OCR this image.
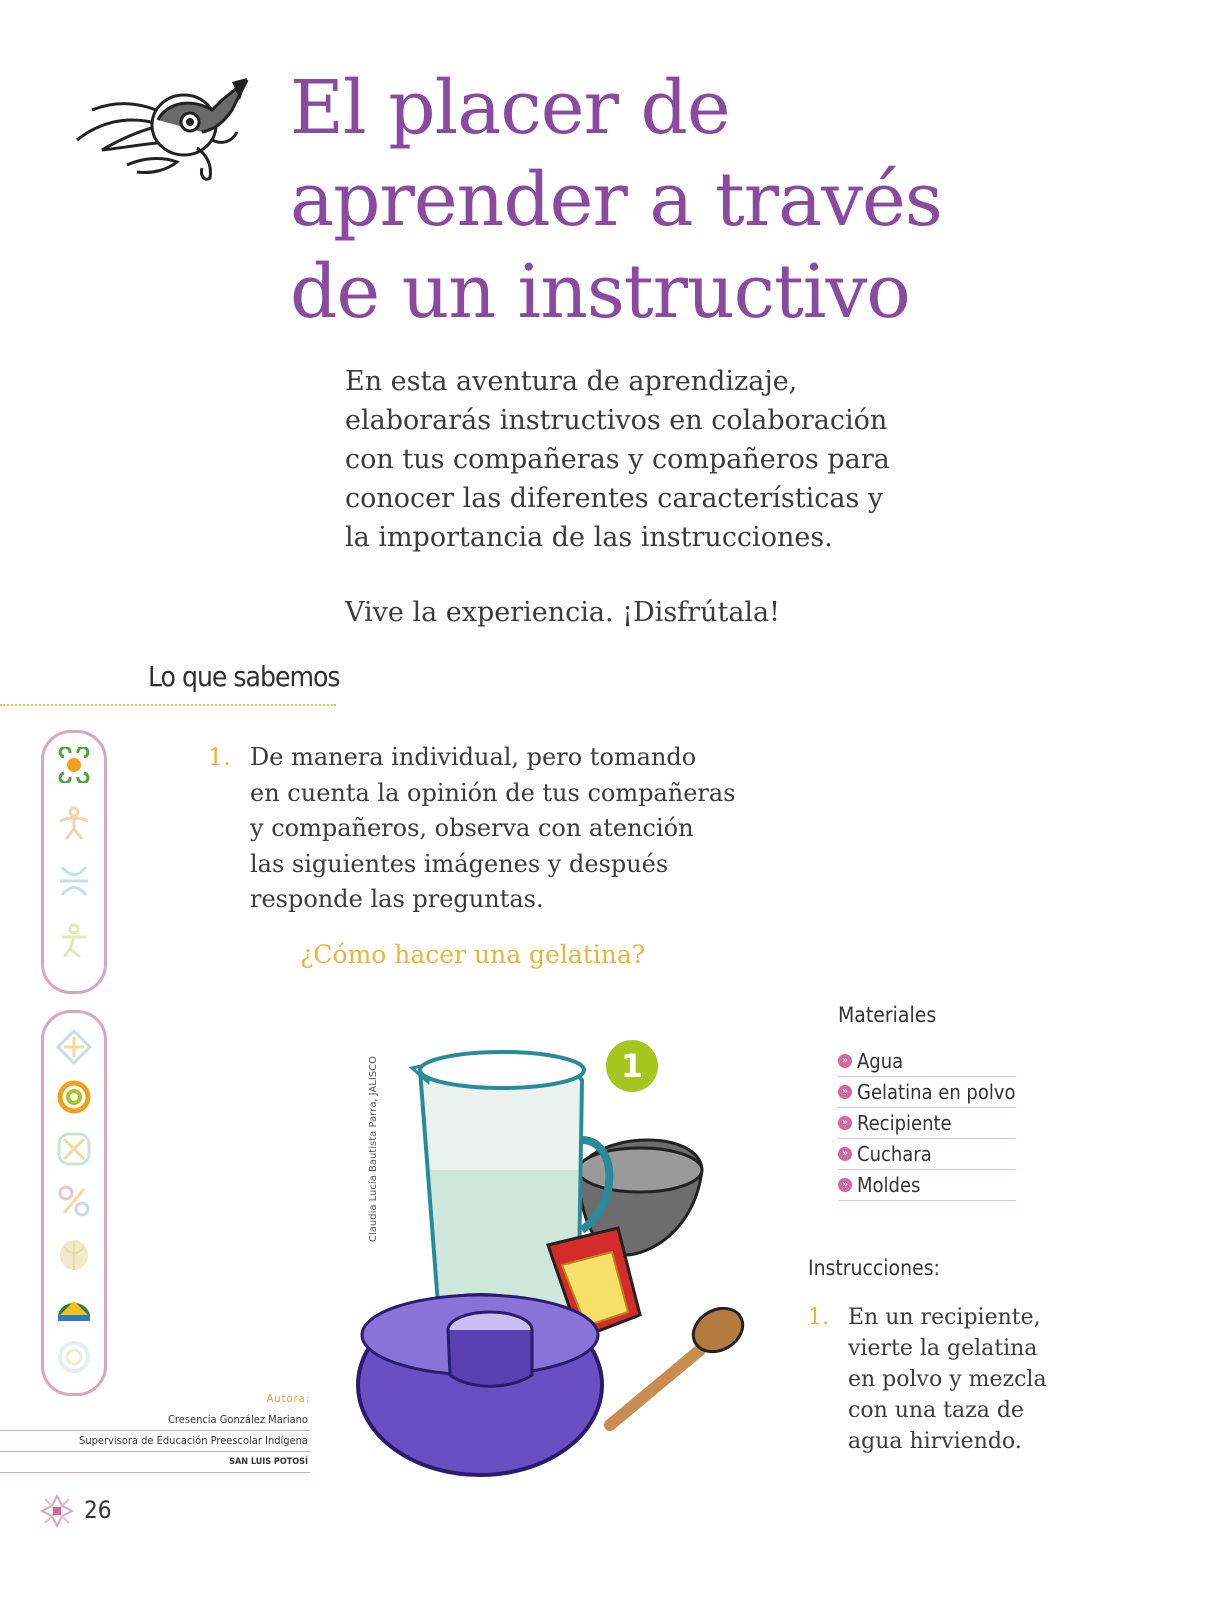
El placer de
aprender a través
de un instructivo

En esta aventura de aprendizaje,
elaborarás instructivos en colaboración
con tus compañeras y compañeros para
conocer las diferentes características y
la importancia de las instrucciones.

Vive la experiencia. ¡Disfrútala!

Lo que sabemos
1. De manera individual, pero tomando
en cuenta la opinión de tus compañeras
y compañeros, observa con atención
las siguientes imágenes y después
responde las preguntas.
¿Cómo hacer una gelatina?
Claudia Lucía Bautista Parra, JALISCO	1
Materiales
» Agua
» Gelatina en polvo
» Recipiente
» Cuchara
» Moldes
Instrucciones:
1. En un recipiente,
vierte la gelatina
en polvo y mezcla
con una taza de
agua hirviendo.
Autora:
Cresencia González Mariano
Supervisora de Educación Preescolar Indígena
SAN LUIS POTOSÍ
26
